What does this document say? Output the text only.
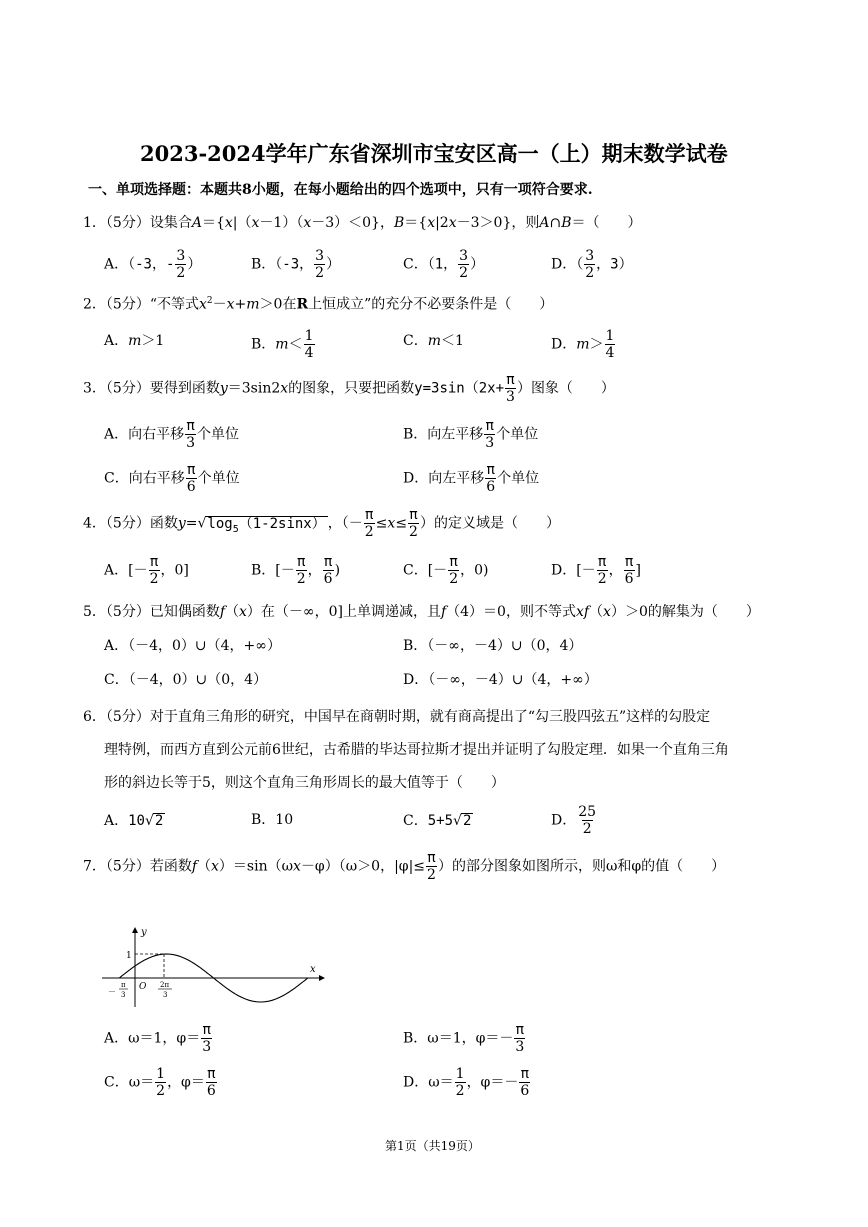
2023-2024学年广东省深圳市宝安区高一（上）期末数学试卷
一、单项选择题：本题共8小题，在每小题给出的四个选项中，只有一项符合要求.
1．（5分）设集合A＝{x|（x－1）（x－3）＜0}，B＝{x|2x－3＞0}，则A∩B＝（　　）
A．（-3，- $\frac{3}{2}$ ）	B．（-3， $\frac{3}{2}$ ）	C．（1， $\frac{3}{2}$ ）	D．（ $\frac{3}{2}$ ，3）
2．（5分）“不等式$x^2-x+m>0$在R上恒成立”的充分不必要条件是（　　）
A．m＞1	B．$m< \frac{1}{4}$	C．m＜1	D．$m> \frac{1}{4}$
3．（5分）要得到函数y＝3sin2x的图象，只要把函数$y=3\sin(2x+ \frac{\pi}{3}$ ）图象（　　）
A．向右平移 $\frac{\pi}{3}$ 个单位	B．向左平移 $\frac{\pi}{3}$ 个单位
C．向右平移 $\frac{\pi}{6}$ 个单位	D．向左平移 $\frac{\pi}{6}$ 个单位
4．（5分）函数$y=√\log_5(1-2\sin x)$ ，（－ $\frac{\pi}{2} \le x\le \frac{\pi}{2}$ ）的定义域是（　　）
A．[－ $\frac{\pi}{2}$ ，0]	B．[－ $\frac{\pi}{2}$ ， $\frac{\pi}{6}$ )	C．[－ $\frac{\pi}{2}$ ，0)	D．[－ $\frac{\pi}{2}$ ， $\frac{\pi}{6}$ ]
5．（5分）已知偶函数f（x）在（－∞，0]上单调递减，且f（4）＝0，则不等式xf（x）＞0的解集为（　　）
A．（－4，0）∪（4，+∞）	B．（－∞，－4）∪（0，4）
C．（－4，0）∪（0，4）	D．（－∞，－4）∪（4，+∞）
6．（5分）对于直角三角形的研究，中国早在商朝时期，就有商高提出了“勾三股四弦五”这样的勾股定
理特例，而西方直到公元前6世纪，古希腊的毕达哥拉斯才提出并证明了勾股定理．如果一个直角三角
形的斜边长等于5，则这个直角三角形周长的最大值等于（　　）
A．10√2	B．10	C．5+5√2	D． $\frac{25}{2}$
7．（5分）若函数f（x）＝sin（ωx－φ）（ω＞0，$|\varphi|\le \frac{\pi}{2}$ ）的部分图象如图所示，则ω和φ的值（　　）
y
x
1
O
－
π
3
2π
3
A．ω＝1，$\varphi= \frac{\pi}{3}$	B．ω＝1，$\varphi=- \frac{\pi}{3}$
C．$\omega= \frac{1}{2}$ ，$\varphi= \frac{\pi}{6}$	D．$\omega= \frac{1}{2}$ ，$\varphi=- \frac{\pi}{6}$
第1页（共19页）
